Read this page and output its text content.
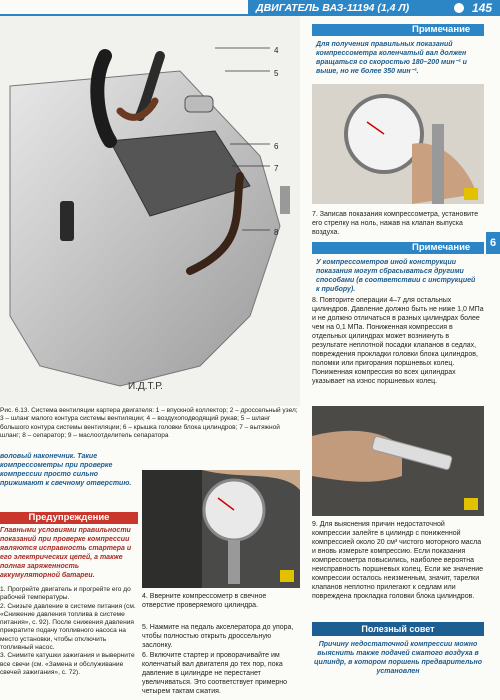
ДВИГАТЕЛЬ ВАЗ-11194 (1,4 Л)	145
6
4
5
6
7
8
И.Д.Т.Р.
Рис. 6.13. Система вентиляции картера двигателя: 1 – впускной коллектор; 2 – дроссельный узел; 3 – шланг малого контура системы вентиляции; 4 – воздухоподводящий рукав; 5 – шланг большого контура системы вентиляции; 6 – крышка головки блока цилиндров; 7 – вытяжной шланг; 8 – сепаратор; 9 – маслоотделитель сепаратора
воловый наконечник. Такие компрессометры при проверке компрессии просто сильно прижимают к свечному отверстию.
Предупреждение
Главными условиями правильности показаний при проверке компрессии являются исправность стартера и его электрических цепей, а также полная заряженность аккумуляторной батареи.
1. Прогрейте двигатель и прогрейте его до рабочей температуры.
2. Снизьте давление в системе питания (см. «Снижение давления топлива в системе питания», с. 92). После снижения давления прекратите подачу топливного насоса на место установки, чтобы отключить топливный насос.
3. Снимите катушки зажигания и выверните все свечи (см. «Замена и обслуживание свечей зажигания», с. 72).
4. Вверните компрессометр в свечное отверстие проверяемого цилиндра.
5. Нажмите на педаль акселератора до упора, чтобы полностью открыть дроссельную заслонку.
6. Включите стартер и проворачивайте им коленчатый вал двигателя до тех пор, пока давление в цилиндре не перестанет увеличиваться. Это соответствует примерно четырем тактам сжатия.
Примечание
Для получения правильных показаний компрессометра коленчатый вал должен вращаться со скоростью 180–200 мин⁻¹ и выше, но не более 350 мин⁻¹.
7. Записав показания компрессометра, установите его стрелку на ноль, нажав на клапан выпуска воздуха.
Примечание
У компрессометров иной конструкции показания могут сбрасываться другими способами (в соответствии с инструкцией к прибору).
8. Повторите операции 4–7 для остальных цилиндров. Давление должно быть не ниже 1,0 МПа и не должно отличаться в разных цилиндрах более чем на 0,1 МПа. Пониженная компрессия в отдельных цилиндрах может возникнуть в результате неплотной посадки клапанов в седлах, повреждения прокладки головки блока цилиндров, поломки или пригорания поршневых колец. Пониженная компрессия во всех цилиндрах указывает на износ поршневых колец.
9. Для выяснения причин недостаточной компрессии залейте в цилиндр с пониженной компрессией около 20 см³ чистого моторного масла и вновь измерьте компрессию. Если показания компрессометра повысились, наиболее вероятна неисправность поршневых колец. Если же значение компрессии осталось неизменным, значит, тарелки клапанов неплотно прилегают к седлам или повреждена прокладка головки блока цилиндров.
Полезный совет
Причину недостаточной компрессии можно выяснить также подачей сжатого воздуха в цилиндр, в котором поршень предварительно установлен
